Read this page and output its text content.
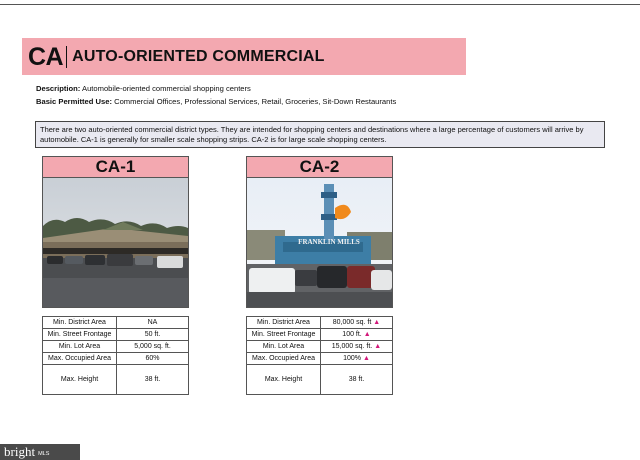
CA AUTO-ORIENTED COMMERCIAL
Description: Automobile-oriented commercial shopping centers
Basic Permitted Use: Commercial Offices, Professional Services, Retail, Groceries, Sit-Down Restaurants
There are two auto-oriented commercial district types. They are intended for shopping centers and destinations where a large percentage of customers will arrive by automobile. CA-1 is generally for smaller scale shopping strips. CA-2 is for large scale shopping centers.
CA-1
Min. District Area	NA
Min. Street Frontage	50 ft.
Min. Lot Area	5,000 sq. ft.
Max. Occupied Area	60%
Max. Height	38 ft.
CA-2
FRANKLIN MILLS
Min. District Area	80,000 sq. ft ▲
Min. Street Frontage	100 ft. ▲
Min. Lot Area	15,000 sq. ft. ▲
Max. Occupied Area	100% ▲
Max. Height	38 ft.
bright MLS
